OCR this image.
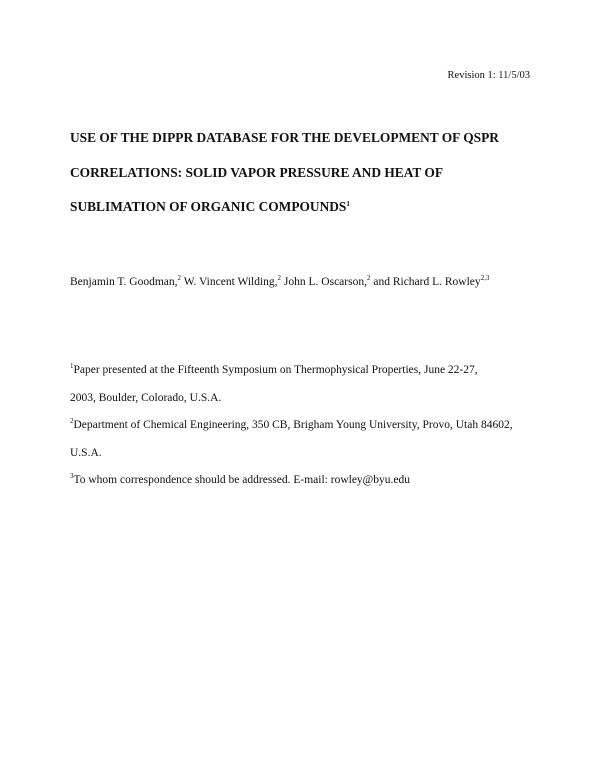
Revision 1: 11/5/03
USE OF THE DIPPR DATABASE FOR THE DEVELOPMENT OF QSPR
CORRELATIONS: SOLID VAPOR PRESSURE AND HEAT OF
SUBLIMATION OF ORGANIC COMPOUNDS$^1$
Benjamin T. Goodman,$^2$ W. Vincent Wilding,$^2$ John L. Oscarson,$^2$ and Richard L. Rowley$^{2,3}$
$^1$Paper presented at the Fifteenth Symposium on Thermophysical Properties, June 22-27,
2003, Boulder, Colorado, U.S.A.
$^2$Department of Chemical Engineering, 350 CB, Brigham Young University, Provo, Utah 84602,
U.S.A.
$^3$To whom correspondence should be addressed. E-mail: rowley@byu.edu
